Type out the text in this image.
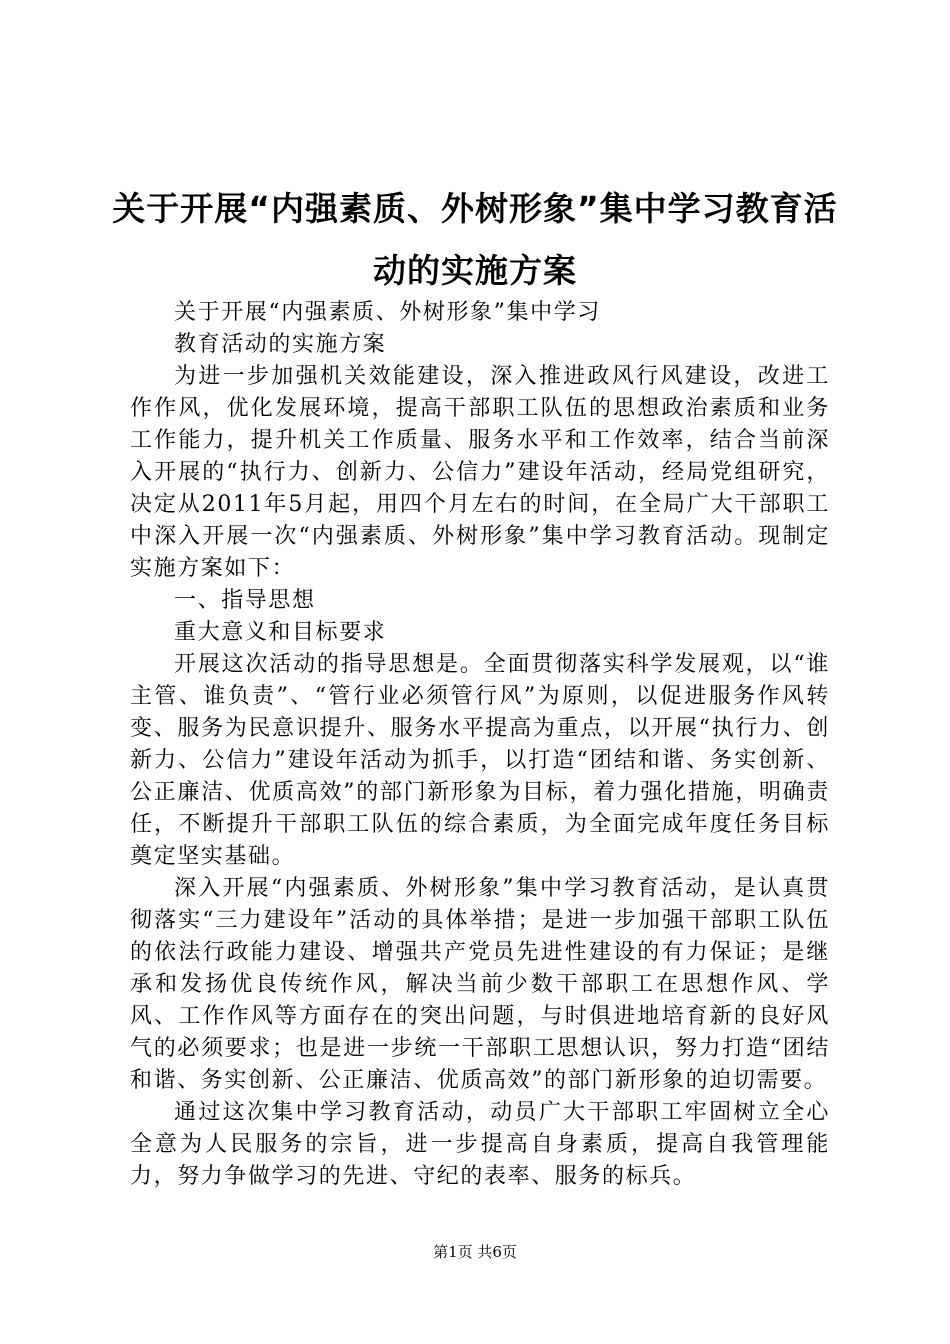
关于开展“内强素质、外树形象”集中学习教育活动的实施方案

关于开展“内强素质、外树形象”集中学习

教育活动的实施方案

为进一步加强机关效能建设，深入推进政风行风建设，改进工作作风，优化发展环境，提高干部职工队伍的思想政治素质和业务工作能力，提升机关工作质量、服务水平和工作效率，结合当前深入开展的“执行力、创新力、公信力”建设年活动，经局党组研究，决定从2011年5月起，用四个月左右的时间，在全局广大干部职工中深入开展一次“内强素质、外树形象”集中学习教育活动。现制定实施方案如下：

一、指导思想

重大意义和目标要求

开展这次活动的指导思想是。全面贯彻落实科学发展观，以“谁主管、谁负责”、“管行业必须管行风”为原则，以促进服务作风转变、服务为民意识提升、服务水平提高为重点，以开展“执行力、创新力、公信力”建设年活动为抓手，以打造“团结和谐、务实创新、公正廉洁、优质高效”的部门新形象为目标，着力强化措施，明确责任，不断提升干部职工队伍的综合素质，为全面完成年度任务目标奠定坚实基础。

深入开展“内强素质、外树形象”集中学习教育活动，是认真贯彻落实“三力建设年”活动的具体举措；是进一步加强干部职工队伍的依法行政能力建设、增强共产党员先进性建设的有力保证；是继承和发扬优良传统作风，解决当前少数干部职工在思想作风、学风、工作作风等方面存在的突出问题，与时俱进地培育新的良好风气的必须要求；也是进一步统一干部职工思想认识，努力打造“团结和谐、务实创新、公正廉洁、优质高效”的部门新形象的迫切需要。

通过这次集中学习教育活动，动员广大干部职工牢固树立全心全意为人民服务的宗旨，进一步提高自身素质，提高自我管理能力，努力争做学习的先进、守纪的表率、服务的标兵。

第1页 共6页
